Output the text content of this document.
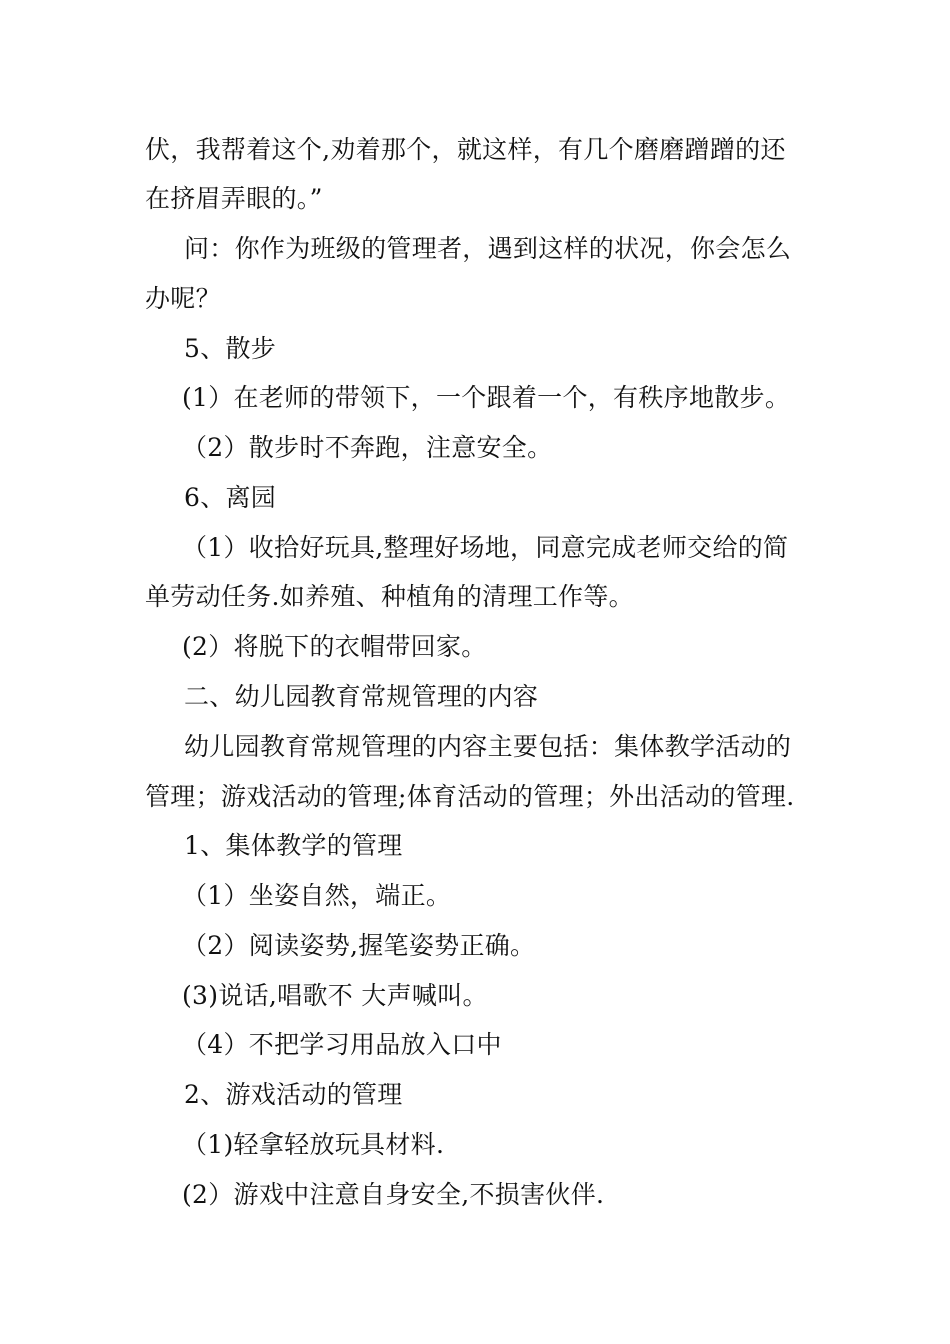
伏，我帮着这个,劝着那个，就这样，有几个磨磨蹭蹭的还
在挤眉弄眼的。”
问：你作为班级的管理者，遇到这样的状况，你会怎么
办呢？
5、散步
(1）在老师的带领下，一个跟着一个，有秩序地散步。
（2）散步时不奔跑，注意安全。
6、离园
（1）收拾好玩具,整理好场地，同意完成老师交给的简
单劳动任务.如养殖、种植角的清理工作等。
(2）将脱下的衣帽带回家。
二、幼儿园教育常规管理的内容
幼儿园教育常规管理的内容主要包括：集体教学活动的
管理；游戏活动的管理;体育活动的管理；外出活动的管理.
1、集体教学的管理
（1）坐姿自然，端正。
（2）阅读姿势,握笔姿势正确。
(3)说话,唱歌不 大声喊叫。
（4）不把学习用品放入口中
2、游戏活动的管理
（1)轻拿轻放玩具材料.
(2）游戏中注意自身安全,不损害伙伴.
